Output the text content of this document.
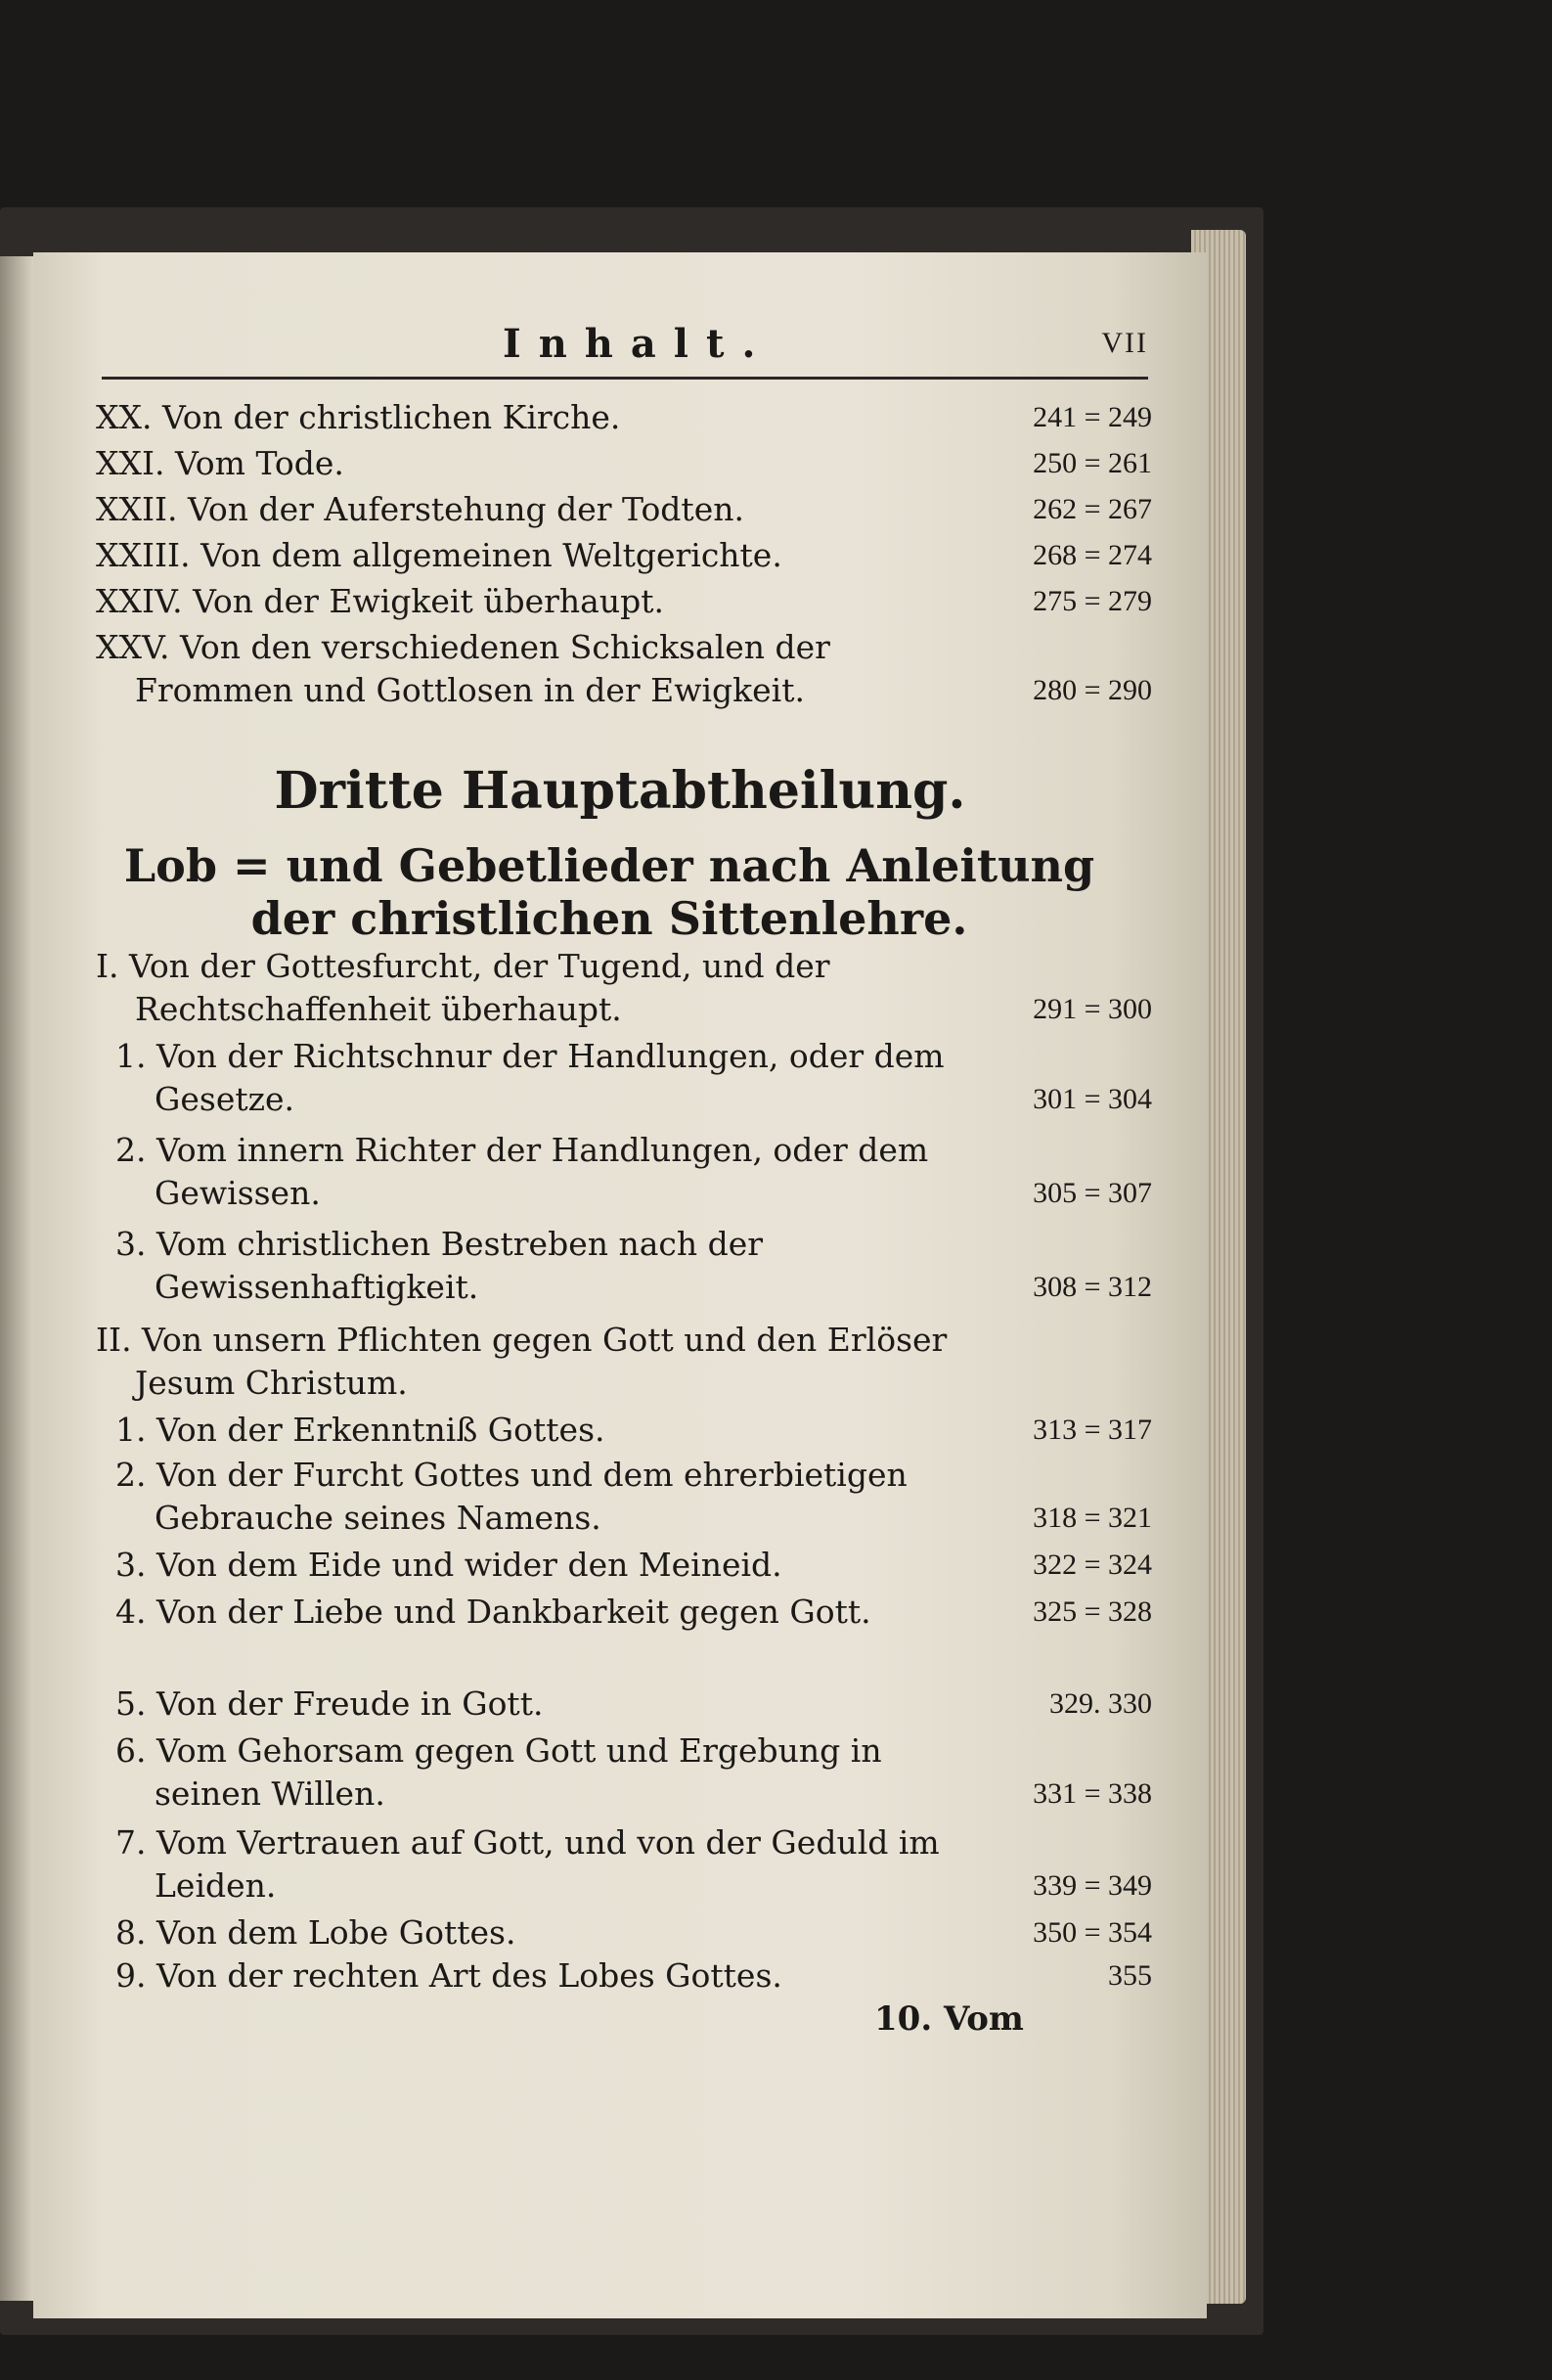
Inhalt.	VII
XX. Von der christlichen Kirche.	241 = 249
XXI. Vom Tode.	250 = 261
XXII. Von der Auferstehung der Todten.	262 = 267
XXIII. Von dem allgemeinen Weltgerichte.	268 = 274
XXIV. Von der Ewigkeit überhaupt.	275 = 279
XXV. Von den verschiedenen Schicksalen der Frommen und Gottlosen in der Ewigkeit.	280 = 290
Dritte Hauptabtheilung.
Lob = und Gebetlieder nach Anleitung der christlichen Sittenlehre.
I. Von der Gottesfurcht, der Tugend, und der Rechtschaffenheit überhaupt.	291 = 300
1. Von der Richtschnur der Handlungen, oder dem Gesetze.	301 = 304
2. Vom innern Richter der Handlungen, oder dem Gewissen.	305 = 307
3. Vom christlichen Bestreben nach der Gewissenhaftigkeit.	308 = 312
II. Von unsern Pflichten gegen Gott und den Erlöser Jesum Christum.
1. Von der Erkenntniß Gottes.	313 = 317
2. Von der Furcht Gottes und dem ehrerbietigen Gebrauche seines Namens.	318 = 321
3. Von dem Eide und wider den Meineid.	322 = 324
4. Von der Liebe und Dankbarkeit gegen Gott.	325 = 328
5. Von der Freude in Gott.	329. 330
6. Vom Gehorsam gegen Gott und Ergebung in seinen Willen.	331 = 338
7. Vom Vertrauen auf Gott, und von der Geduld im Leiden.	339 = 349
8. Von dem Lobe Gottes.	350 = 354
9. Von der rechten Art des Lobes Gottes.	355
10. Vom
